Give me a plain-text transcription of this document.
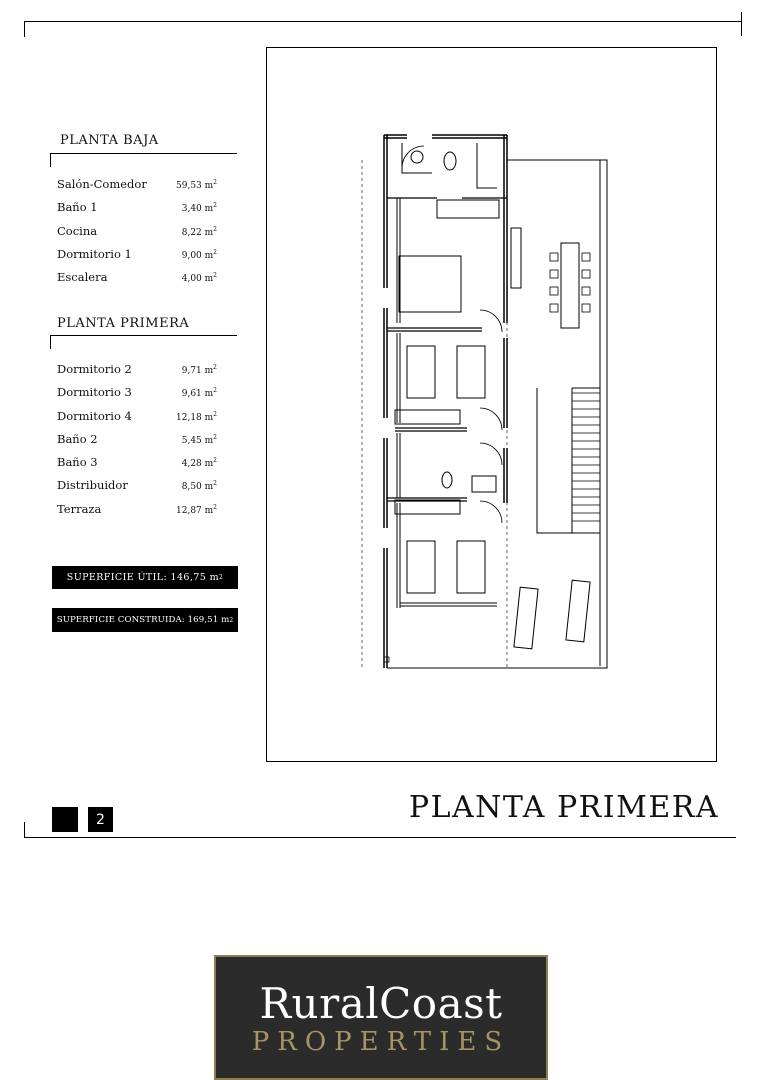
PLANTA BAJA
Salón-Comedor	59,53 $m^2$
Baño 1	3,40 $m^2$
Cocina	8,22 $m^2$
Dormitorio 1	9,00 $m^2$
Escalera	4,00 $m^2$
PLANTA PRIMERA
Dormitorio 2	9,71 $m^2$
Dormitorio 3	9,61 $m^2$
Dormitorio 4	12,18 $m^2$
Baño 2	5,45 $m^2$
Baño 3	4,28 $m^2$
Distribuidor	8,50 $m^2$
Terraza	12,87 $m^2$
SUPERFICIE ÚTIL: 146,75 m 2
SUPERFICIE CONSTRUIDA: 169,51 m 2
2	PLANTA PRIMERA
RuralCoast
PROPERTIES
